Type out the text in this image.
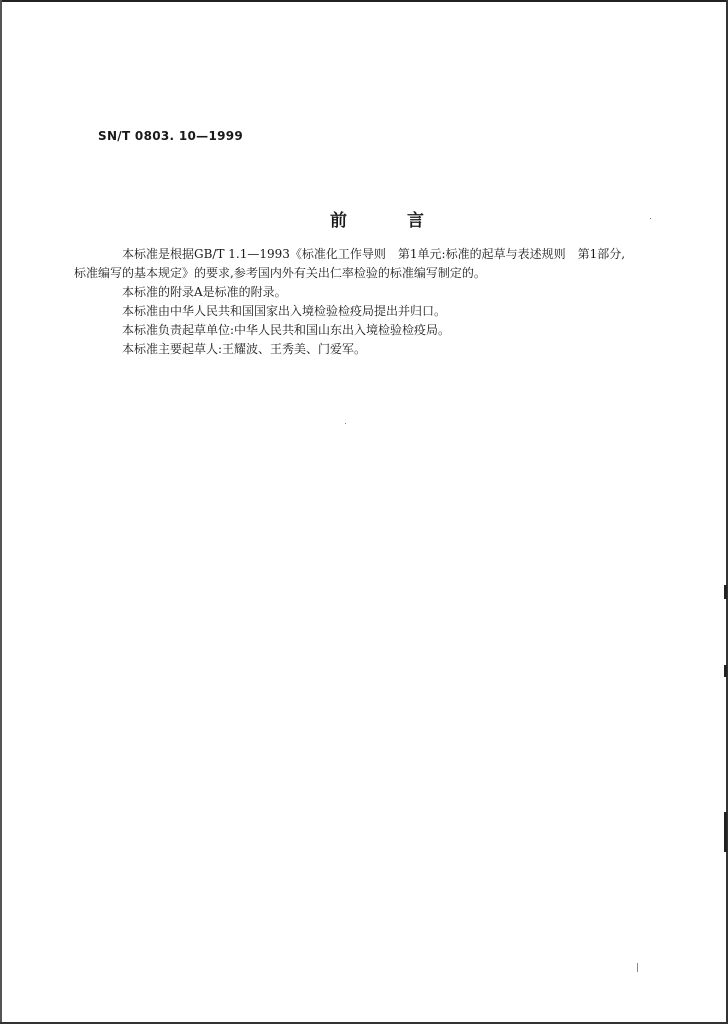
SN/T 0803. 10—1999
前	言

本标准是根据GB/T 1.1—1993《标准化工作导则　第1单元:标准的起草与表述规则　第1部分,

标准编写的基本规定》的要求,参考国内外有关出仁率检验的标准编写制定的。

本标准的附录A是标准的附录。

本标准由中华人民共和国国家出入境检验检疫局提出并归口。

本标准负责起草单位:中华人民共和国山东出入境检验检疫局。

本标准主要起草人:王耀波、王秀美、门爱军。
